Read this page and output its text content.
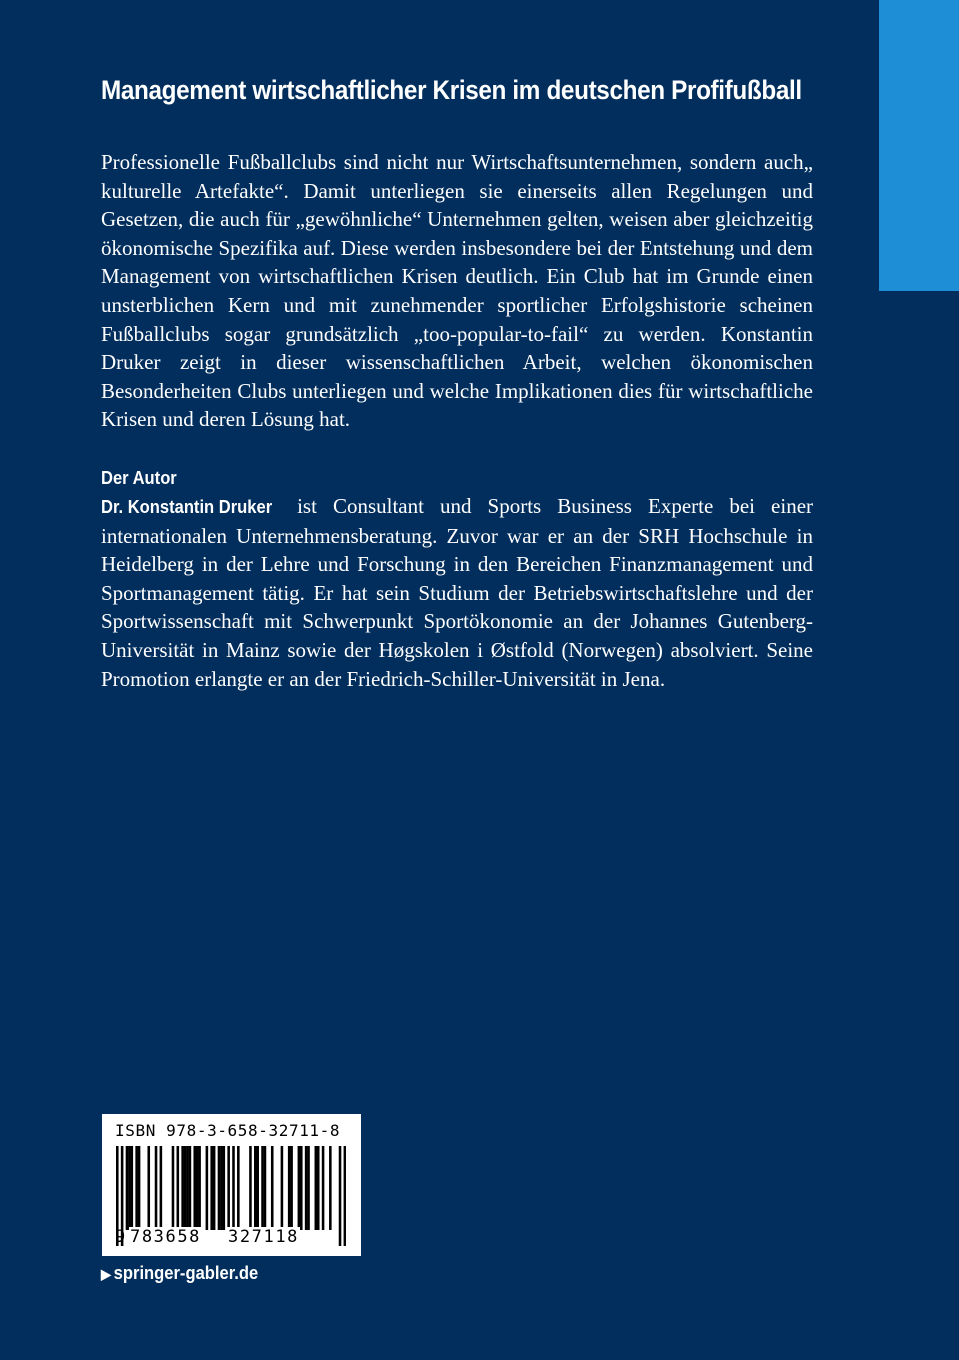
Management wirtschaftlicher Krisen im deutschen Profifußball

Professionelle Fußballclubs sind nicht nur Wirtschaftsunternehmen, sondern auch„ kulturelle Artefakte“. Damit unterliegen sie einerseits allen Regelungen und Gesetzen, die auch für „gewöhnliche“ Unternehmen gelten, weisen aber gleichzeitig ökonomische Spezifika auf. Diese werden insbesondere bei der Entstehung und dem Management von wirtschaftlichen Krisen deutlich. Ein Club hat im Grunde einen unsterblichen Kern und mit zunehmender sportlicher Erfolgshistorie scheinen Fußballclubs sogar grundsätzlich „too-popular-to-fail“ zu werden. Konstantin Druker zeigt in dieser wissenschaftlichen Arbeit, welchen ökonomischen Besonderheiten Clubs unterliegen und welche Implikationen dies für wirtschaftliche Krisen und deren Lösung hat.

Der Autor

Dr. Konstantin Druker ist Consultant und Sports Business Experte bei einer internationalen Unternehmensberatung. Zuvor war er an der SRH Hochschule in Heidelberg in der Lehre und Forschung in den Bereichen Finanzmanagement und Sportmanagement tätig. Er hat sein Studium der Betriebswirtschaftslehre und der Sportwissenschaft mit Schwerpunkt Sportökonomie an der Johannes Gutenberg-Universität in Mainz sowie der Høgskolen i Østfold (Norwegen) absolviert. Seine Promotion erlangte er an der Friedrich-Schiller-Universität in Jena.

ISBN 978-3-658-32711-8
9 783658 327118
▶ springer-gabler.de
